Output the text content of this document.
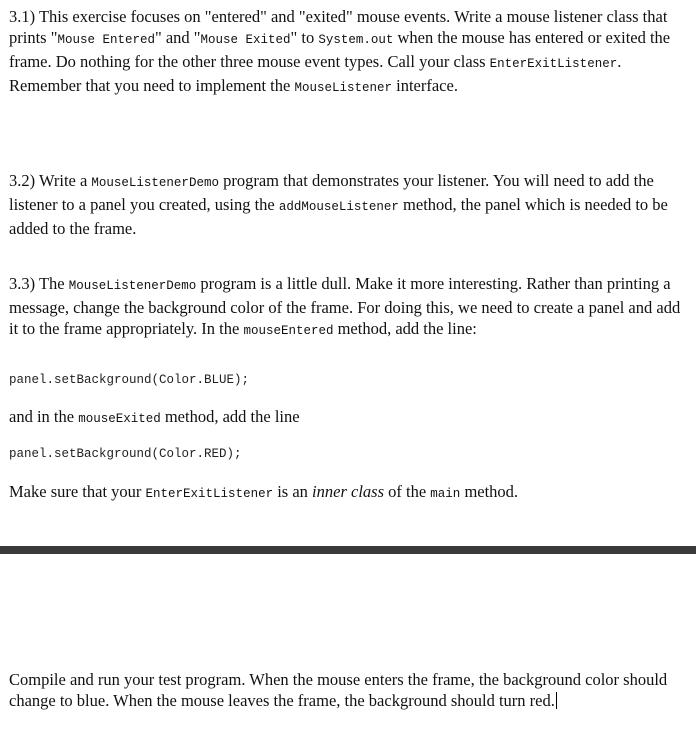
3.1) This exercise focuses on "entered" and "exited" mouse events. Write a mouse listener class that prints "Mouse Entered" and "Mouse Exited" to System.out when the mouse has entered or exited the frame. Do nothing for the other three mouse event types. Call your class EnterExitListener. Remember that you need to implement the MouseListener interface.

3.2) Write a MouseListenerDemo program that demonstrates your listener. You will need to add the listener to a panel you created, using the addMouseListener method, the panel which is needed to be added to the frame.

3.3) The MouseListenerDemo program is a little dull. Make it more interesting. Rather than printing a message, change the background color of the frame. For doing this, we need to create a panel and add it to the frame appropriately. In the mouseEntered method, add the line:

panel.setBackground(Color.BLUE);

and in the mouseExited method, add the line

panel.setBackground(Color.RED);

Make sure that your EnterExitListener is an inner class of the main method.

Compile and run your test program. When the mouse enters the frame, the background color should change to blue. When the mouse leaves the frame, the background should turn red.
